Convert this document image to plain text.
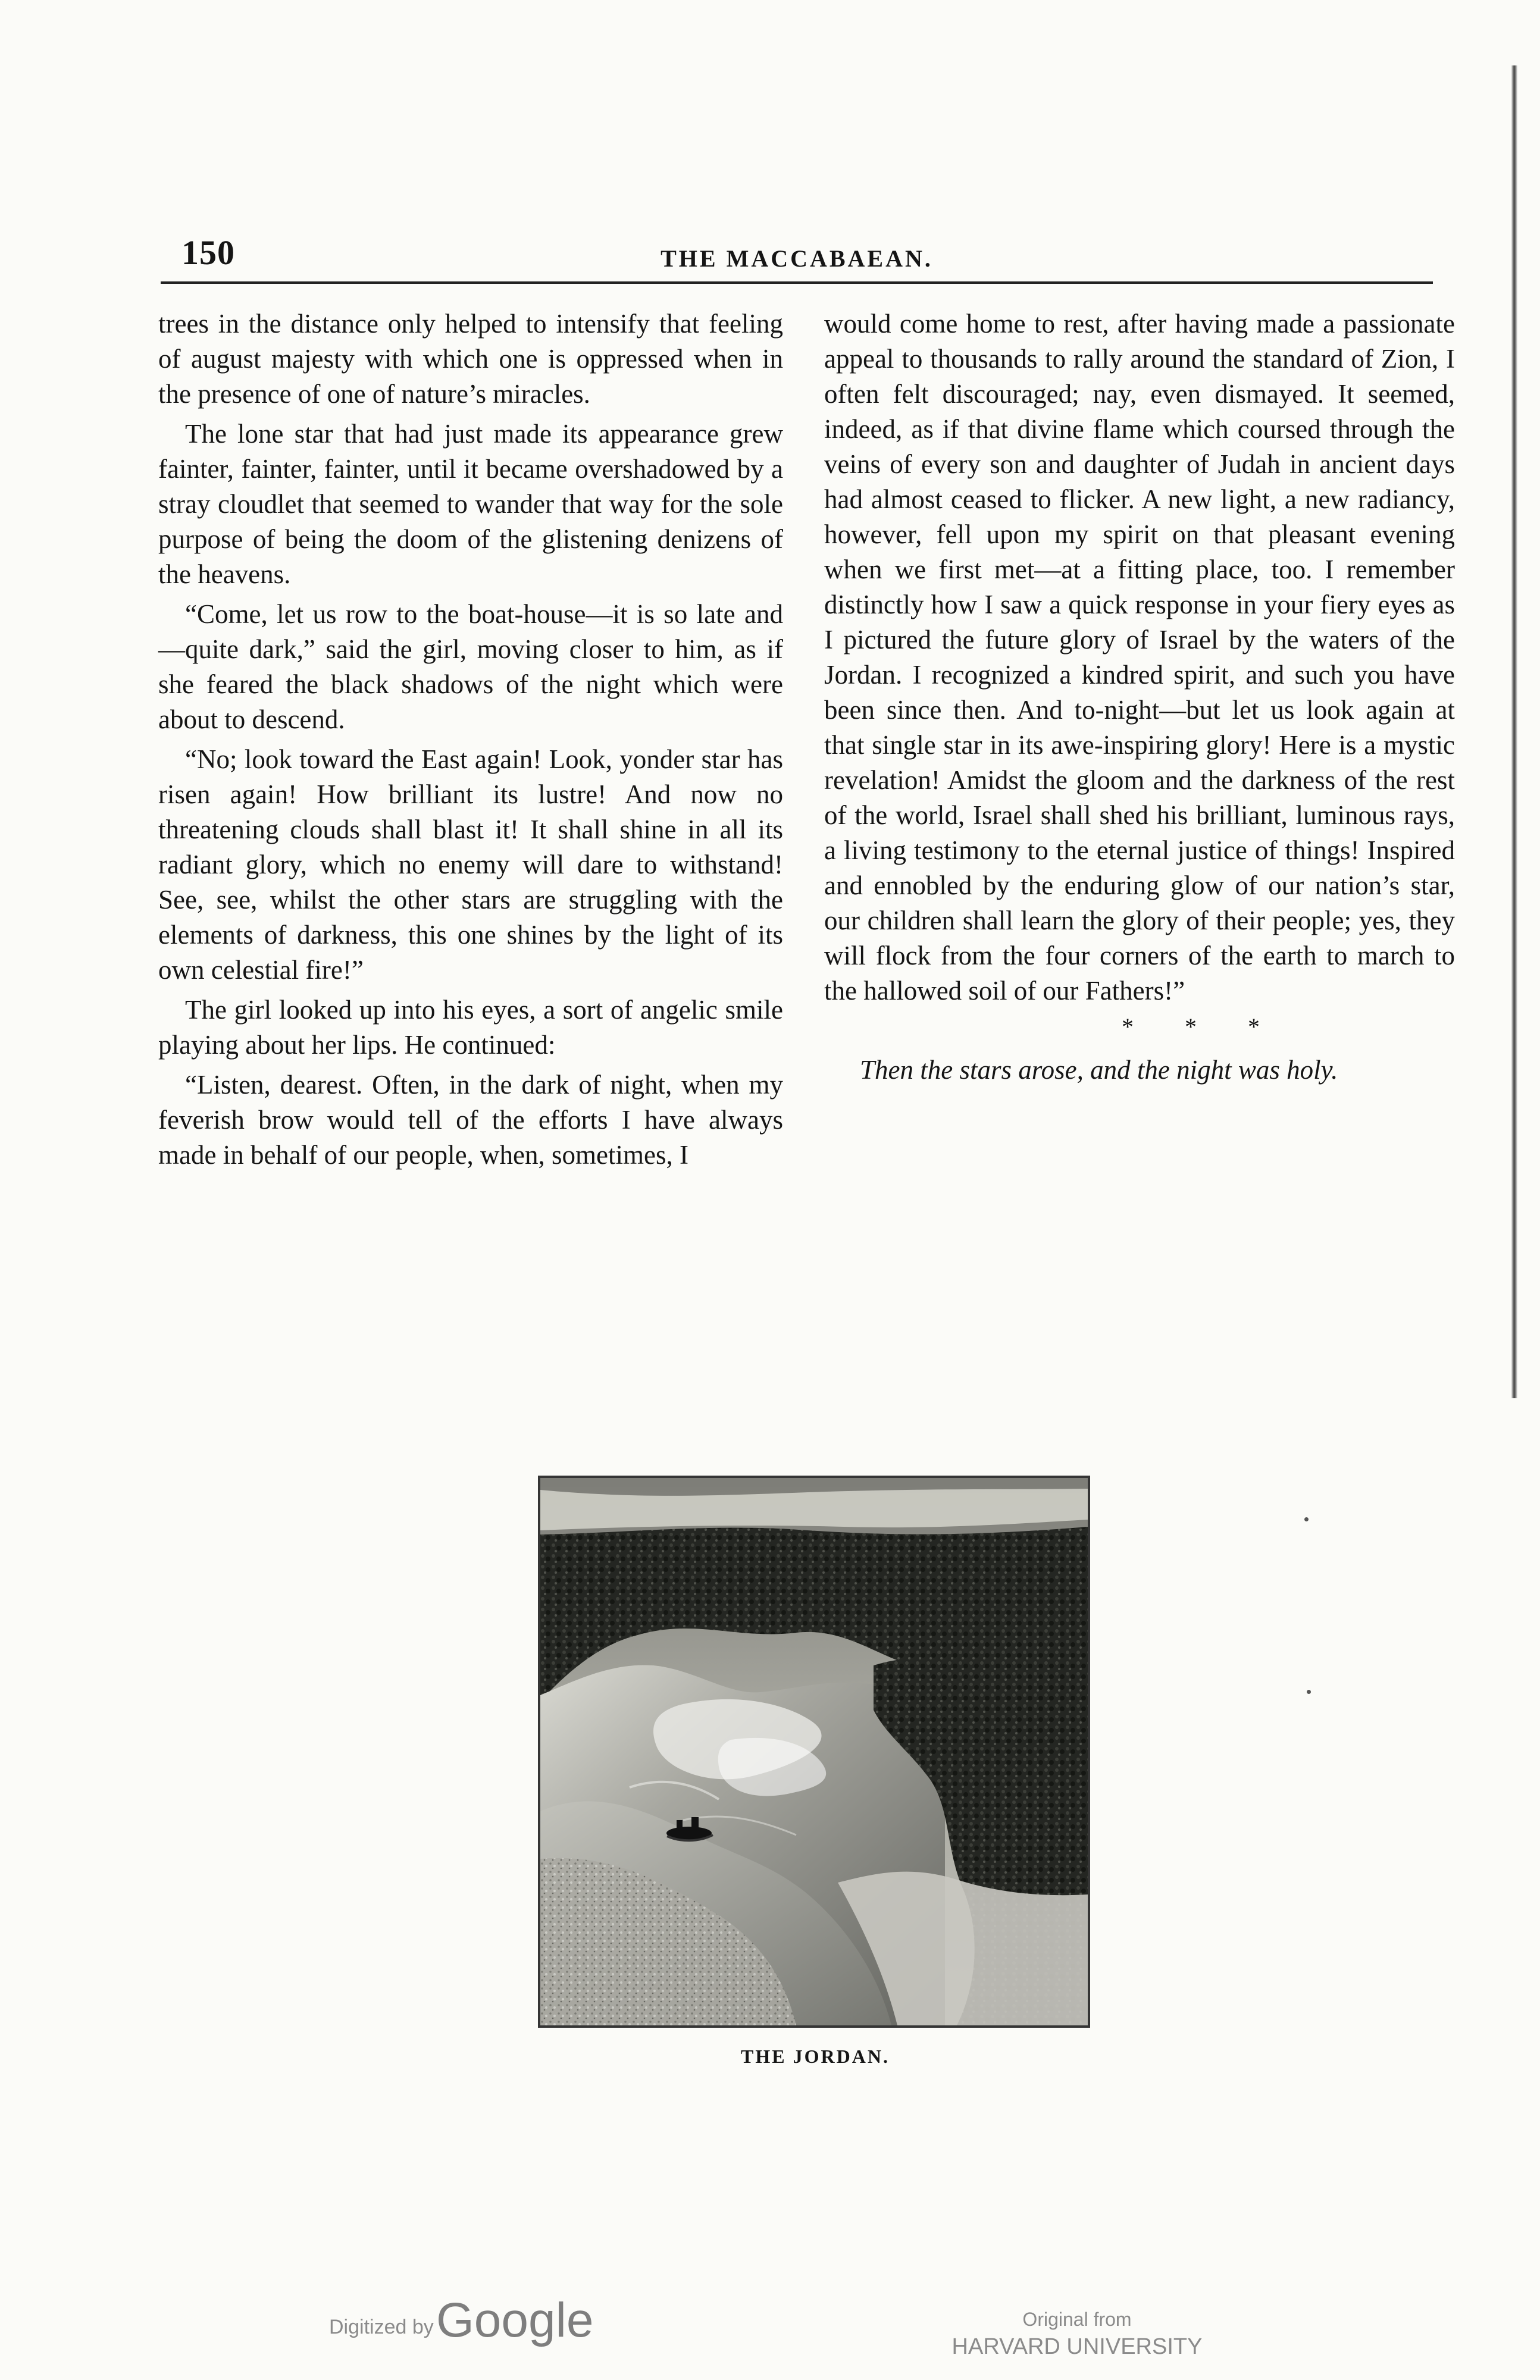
150	THE MACCABAEAN.

trees in the distance only helped to intensify that feeling of august majesty with which one is oppressed when in the presence of one of nature’s miracles.

The lone star that had just made its appearance grew fainter, fainter, fainter, until it became overshadowed by a stray cloudlet that seemed to wander that way for the sole purpose of being the doom of the glistening denizens of the heavens.

“Come, let us row to the boat-house—it is so late and—quite dark,” said the girl, moving closer to him, as if she feared the black shadows of the night which were about to descend.

“No; look toward the East again! Look, yonder star has risen again! How brilliant its lustre! And now no threatening clouds shall blast it! It shall shine in all its radiant glory, which no enemy will dare to withstand! See, see, whilst the other stars are struggling with the elements of darkness, this one shines by the light of its own celestial fire!”

The girl looked up into his eyes, a sort of angelic smile playing about her lips. He continued:

“Listen, dearest. Often, in the dark of night, when my feverish brow would tell of the efforts I have always made in behalf of our people, when, sometimes, I

would come home to rest, after having made a passionate appeal to thousands to rally around the standard of Zion, I often felt discouraged; nay, even dismayed. It seemed, indeed, as if that divine flame which coursed through the veins of every son and daughter of Judah in ancient days had almost ceased to flicker. A new light, a new radiancy, however, fell upon my spirit on that pleasant evening when we first met—at a fitting place, too. I remember distinctly how I saw a quick response in your fiery eyes as I pictured the future glory of Israel by the waters of the Jordan. I recognized a kindred spirit, and such you have been since then. And to-night—but let us look again at that single star in its awe-inspiring glory! Here is a mystic revelation! Amidst the gloom and the darkness of the rest of the world, Israel shall shed his brilliant, luminous rays, a living testimony to the eternal justice of things! Inspired and ennobled by the enduring glow of our nation’s star, our children shall learn the glory of their people; yes, they will flock from the four corners of the earth to march to the hallowed soil of our Fathers!”

* * *

Then the stars arose, and the night was holy.

THE JORDAN.
Digitized by Google	Original from
HARVARD UNIVERSITY
